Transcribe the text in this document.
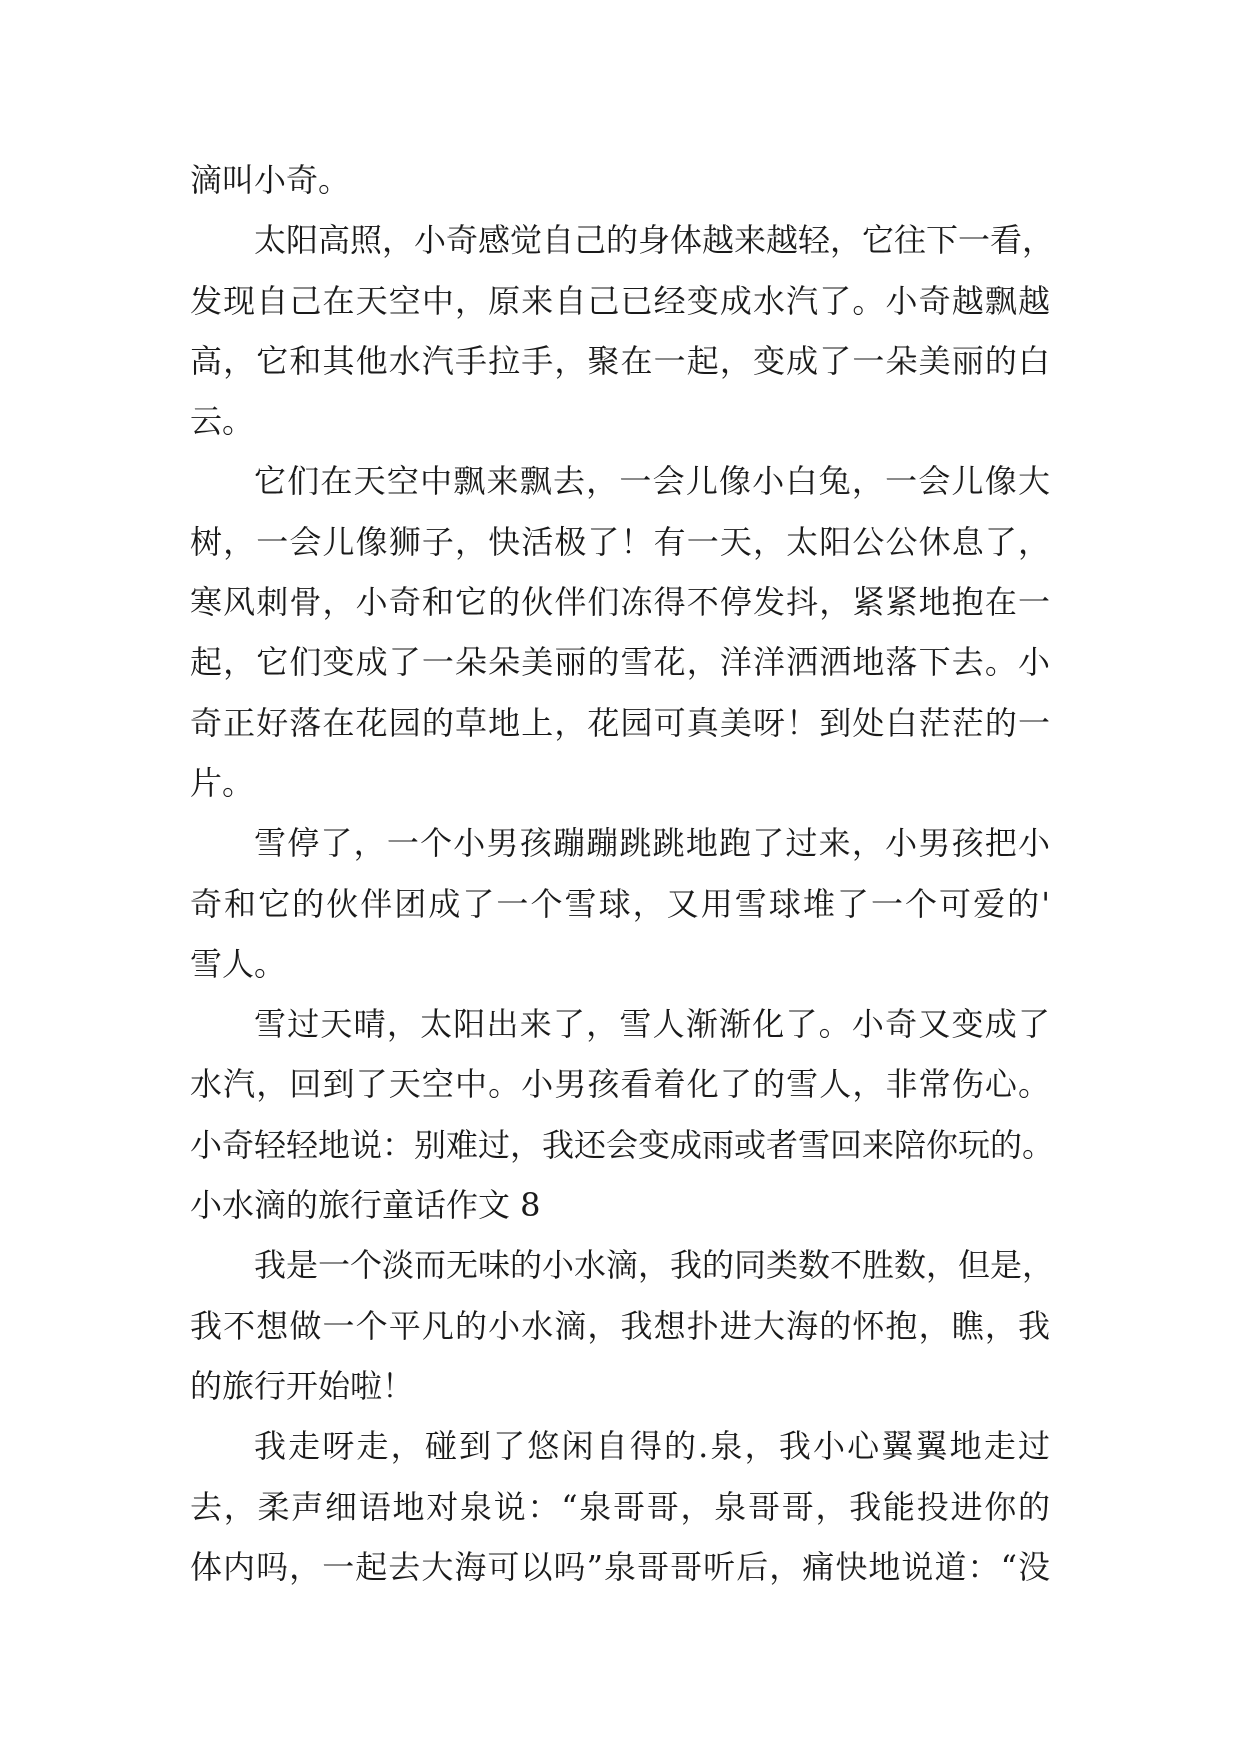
滴叫小奇。
太阳高照，小奇感觉自己的身体越来越轻，它往下一看，
发现自己在天空中，原来自己已经变成水汽了。小奇越飘越
高，它和其他水汽手拉手，聚在一起，变成了一朵美丽的白
云。
它们在天空中飘来飘去，一会儿像小白兔，一会儿像大
树，一会儿像狮子，快活极了！有一天，太阳公公休息了，
寒风刺骨，小奇和它的伙伴们冻得不停发抖，紧紧地抱在一
起，它们变成了一朵朵美丽的雪花，洋洋洒洒地落下去。小
奇正好落在花园的草地上，花园可真美呀！到处白茫茫的一
片。
雪停了，一个小男孩蹦蹦跳跳地跑了过来，小男孩把小
奇和它的伙伴团成了一个雪球，又用雪球堆了一个可爱的'
雪人。
雪过天晴，太阳出来了，雪人渐渐化了。小奇又变成了
水汽，回到了天空中。小男孩看着化了的雪人，非常伤心。
小奇轻轻地说：别难过，我还会变成雨或者雪回来陪你玩的。
小水滴的旅行童话作文 8
我是一个淡而无味的小水滴，我的同类数不胜数，但是，
我不想做一个平凡的小水滴，我想扑进大海的怀抱，瞧，我
的旅行开始啦！
我走呀走，碰到了悠闲自得的.泉，我小心翼翼地走过
去，柔声细语地对泉说：“泉哥哥，泉哥哥，我能投进你的
体内吗，一起去大海可以吗”泉哥哥听后，痛快地说道：“没
